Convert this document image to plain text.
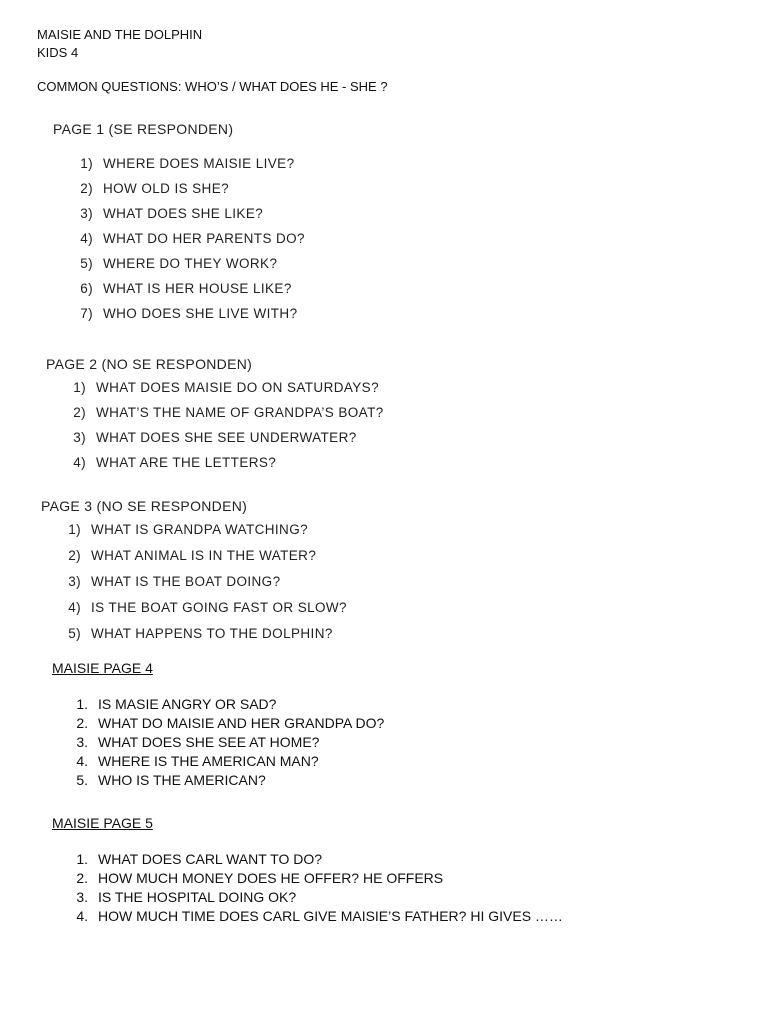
MAISIE AND THE DOLPHIN
KIDS 4
COMMON QUESTIONS: WHO’S / WHAT DOES HE - SHE ?

PAGE 1 (SE RESPONDEN)

1) WHERE DOES MAISIE LIVE?
2) HOW OLD IS SHE?
3) WHAT DOES SHE LIKE?
4) WHAT DO HER PARENTS DO?
5) WHERE DO THEY WORK?
6) WHAT IS HER HOUSE LIKE?
7) WHO DOES SHE LIVE WITH?

PAGE 2 (NO SE RESPONDEN)

1) WHAT DOES MAISIE DO ON SATURDAYS?
2) WHAT’S THE NAME OF GRANDPA’S BOAT?
3) WHAT DOES SHE SEE UNDERWATER?
4) WHAT ARE THE LETTERS?

PAGE 3 (NO SE RESPONDEN)

1) WHAT IS GRANDPA WATCHING?
2) WHAT ANIMAL IS IN THE WATER?
3) WHAT IS THE BOAT DOING?
4) IS THE BOAT GOING FAST OR SLOW?
5) WHAT HAPPENS TO THE DOLPHIN?

MAISIE PAGE 4

1. IS MASIE ANGRY OR SAD?
2. WHAT DO MAISIE AND HER GRANDPA DO?
3. WHAT DOES SHE SEE AT HOME?
4. WHERE IS THE AMERICAN MAN?
5. WHO IS THE AMERICAN?

MAISIE PAGE 5

1. WHAT DOES CARL WANT TO DO?
2. HOW MUCH MONEY DOES HE OFFER? HE OFFERS
3. IS THE HOSPITAL DOING OK?
4. HOW MUCH TIME DOES CARL GIVE MAISIE’S FATHER? HI GIVES ……
